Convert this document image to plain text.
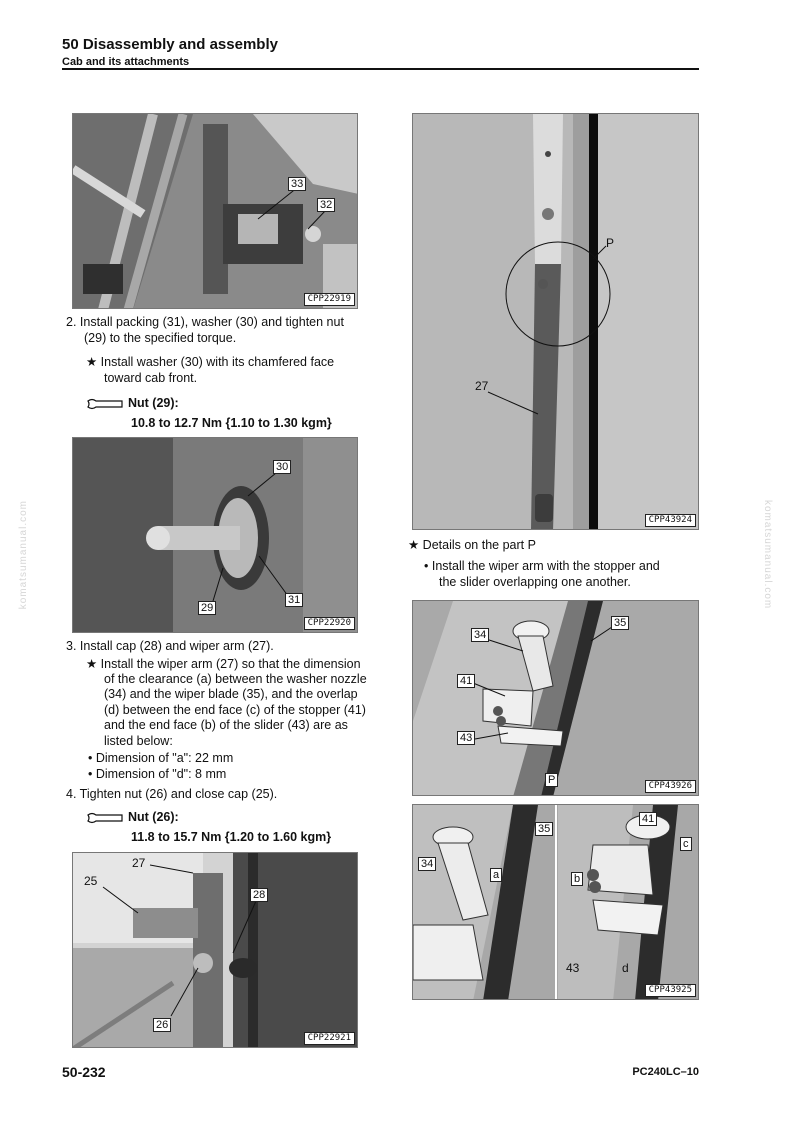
50 Disassembly and assembly
Cab and its attachments
komatsumanual.com	komatsumanual.com
33
32
CPP22919
2. Install packing (31), washer (30) and tighten nut
(29) to the specified torque.
★ Install washer (30) with its chamfered face
toward cab front.
Nut (29):
10.8 to 12.7 Nm {1.10 to 1.30 kgm}
30
29
31
CPP22920
3. Install cap (28) and wiper arm (27).
★ Install the wiper arm (27) so that the dimension
of the clearance (a) between the washer nozzle
(34) and the wiper blade (35), and the overlap
(d) between the end face (c) of the stopper (41)
and the end face (b) of the slider (43) are as
listed below:
• Dimension of "a": 22 mm
• Dimension of "d": 8 mm
4. Tighten nut (26) and close cap (25).
Nut (26):
11.8 to 15.7 Nm {1.20 to 1.60 kgm}
27
25
28
26
CPP22921
P
27
CPP43924
★ Details on the part P
• Install the wiper arm with the stopper and
the slider overlapping one another.
34
35
41
43
P	CPP43926
35
34
a
41
c
b
43	d
CPP43925
50-232	PC240LC–10
